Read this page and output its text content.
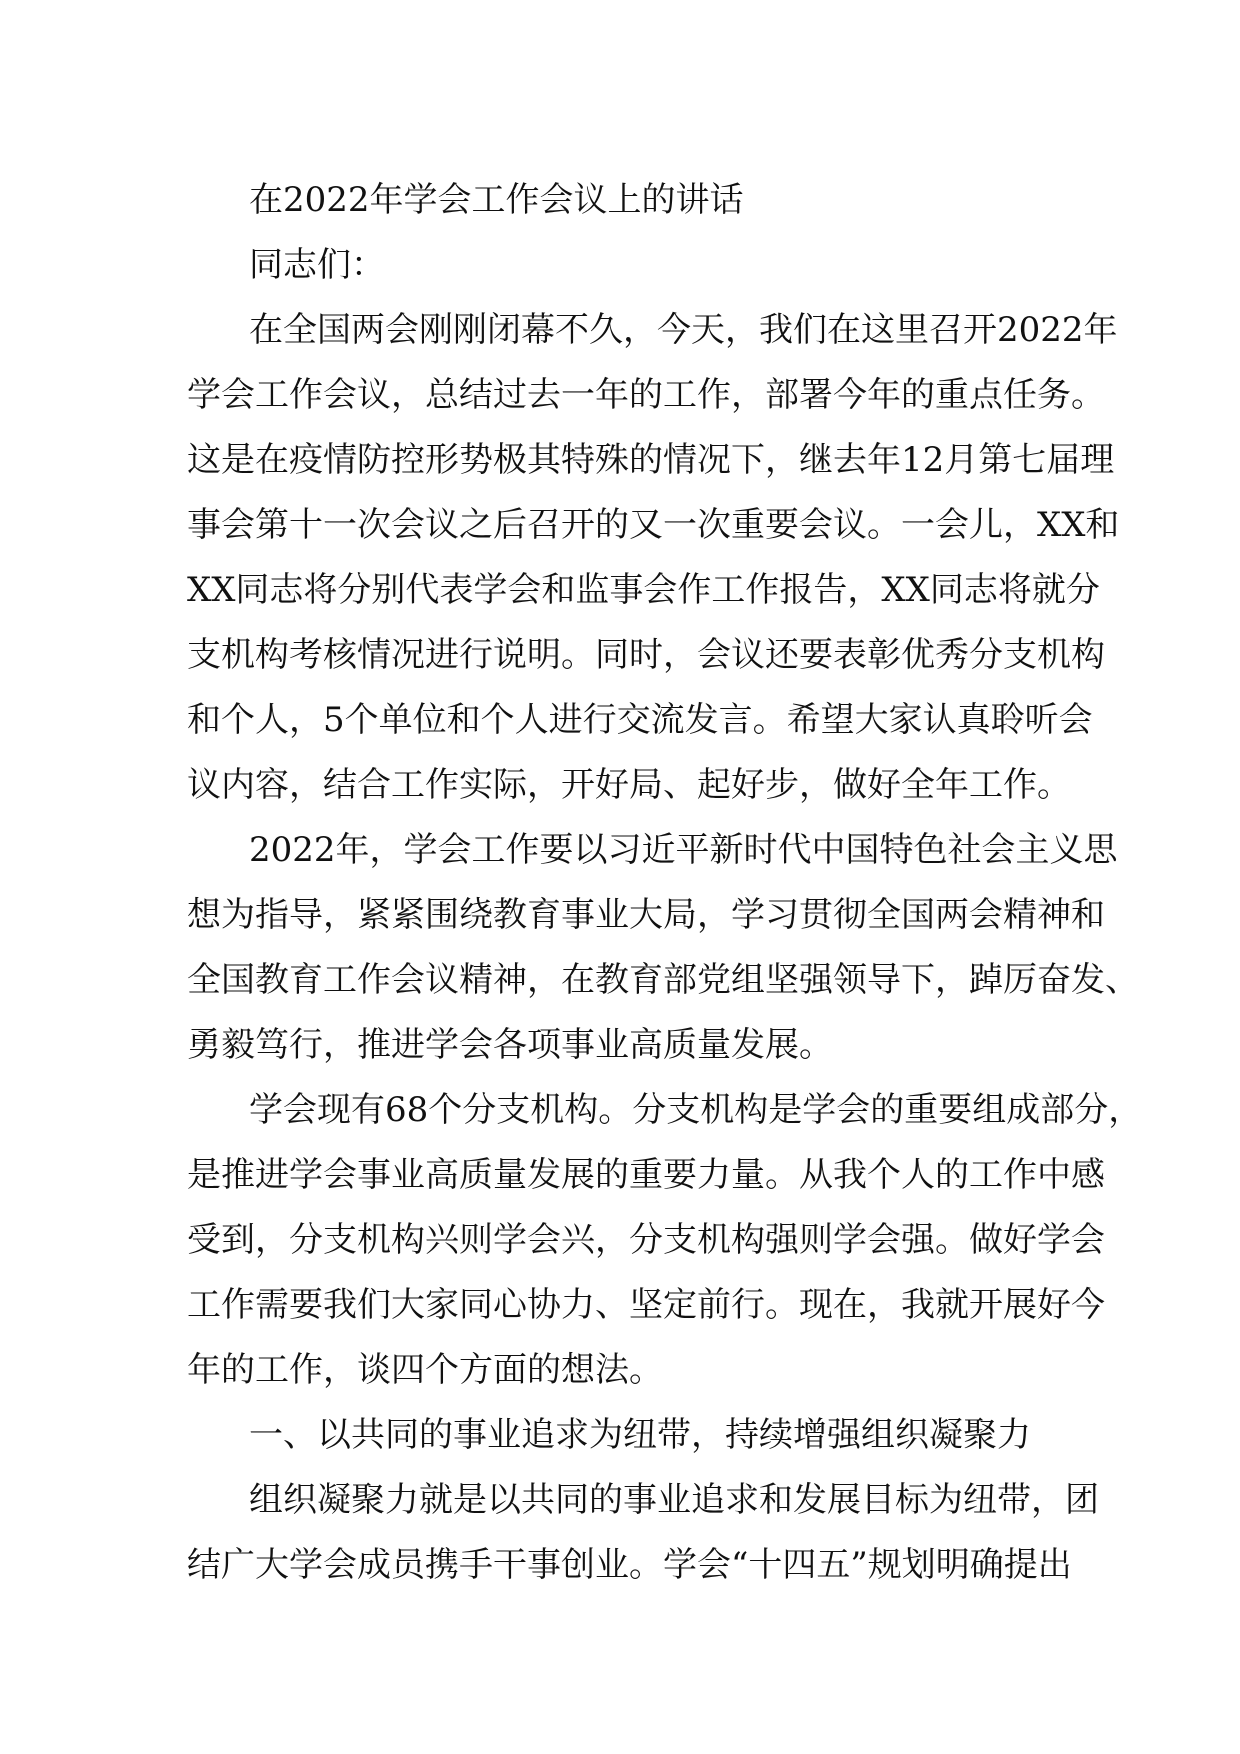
在2022年学会工作会议上的讲话
同志们：
在全国两会刚刚闭幕不久，今天，我们在这里召开2022年
学会工作会议，总结过去一年的工作，部署今年的重点任务。
这是在疫情防控形势极其特殊的情况下，继去年12月第七届理
事会第十一次会议之后召开的又一次重要会议。一会儿，XX和
XX同志将分别代表学会和监事会作工作报告，XX同志将就分
支机构考核情况进行说明。同时，会议还要表彰优秀分支机构
和个人，5个单位和个人进行交流发言。希望大家认真聆听会
议内容，结合工作实际，开好局、起好步，做好全年工作。
2022年，学会工作要以习近平新时代中国特色社会主义思
想为指导，紧紧围绕教育事业大局，学习贯彻全国两会精神和
全国教育工作会议精神，在教育部党组坚强领导下，踔厉奋发、
勇毅笃行，推进学会各项事业高质量发展。
学会现有68个分支机构。分支机构是学会的重要组成部分，
是推进学会事业高质量发展的重要力量。从我个人的工作中感
受到，分支机构兴则学会兴，分支机构强则学会强。做好学会
工作需要我们大家同心协力、坚定前行。现在，我就开展好今
年的工作，谈四个方面的想法。
一、以共同的事业追求为纽带，持续增强组织凝聚力
组织凝聚力就是以共同的事业追求和发展目标为纽带，团
结广大学会成员携手干事创业。学会“十四五”规划明确提出
